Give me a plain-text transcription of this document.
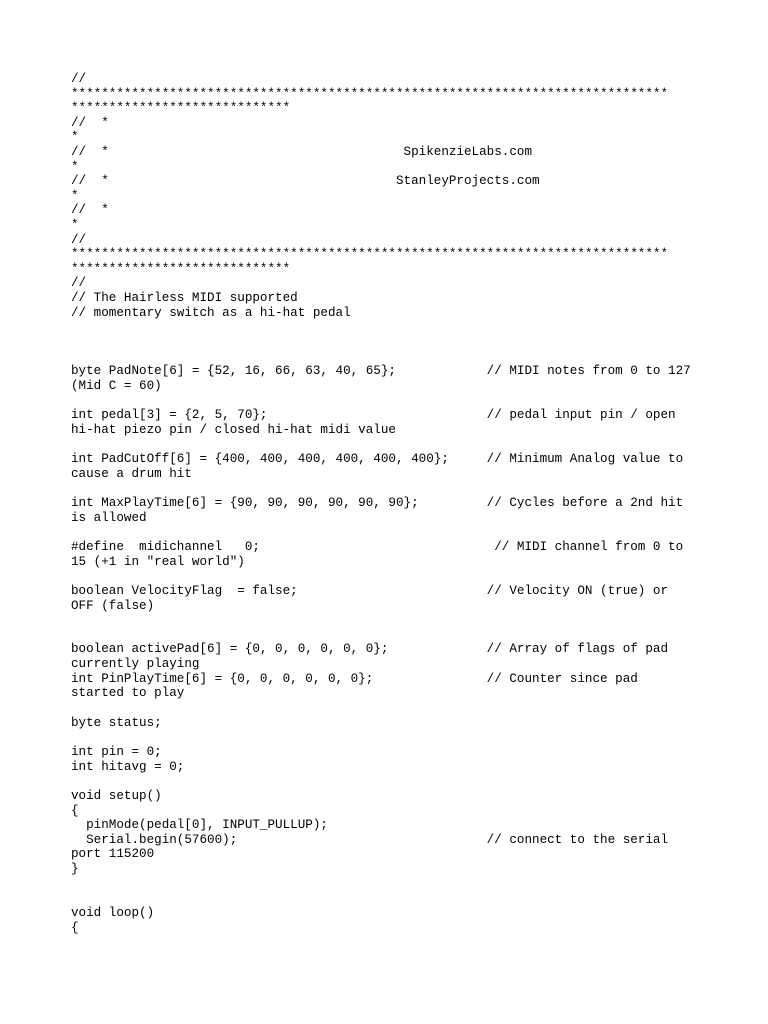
//
*******************************************************************************
*****************************
//  *
*
//  *                                       SpikenzieLabs.com
*
//  *                                      StanleyProjects.com
*
//  *
*
//
*******************************************************************************
*****************************
//
// The Hairless MIDI supported
// momentary switch as a hi-hat pedal
byte PadNote[6] = {52, 16, 66, 63, 40, 65};            // MIDI notes from 0 to 127
(Mid C = 60)
int pedal[3] = {2, 5, 70};                             // pedal input pin / open
hi-hat piezo pin / closed hi-hat midi value
int PadCutOff[6] = {400, 400, 400, 400, 400, 400};     // Minimum Analog value to
cause a drum hit
int MaxPlayTime[6] = {90, 90, 90, 90, 90, 90};         // Cycles before a 2nd hit
is allowed
#define  midichannel   0;                               // MIDI channel from 0 to
15 (+1 in "real world")
boolean VelocityFlag  = false;                         // Velocity ON (true) or
OFF (false)
boolean activePad[6] = {0, 0, 0, 0, 0, 0};             // Array of flags of pad
currently playing
int PinPlayTime[6] = {0, 0, 0, 0, 0, 0};               // Counter since pad
started to play
byte status;
int pin = 0;
int hitavg = 0;
void setup()
{
pinMode(pedal[0], INPUT_PULLUP);
Serial.begin(57600);                                 // connect to the serial
port 115200
}
void loop()
{
